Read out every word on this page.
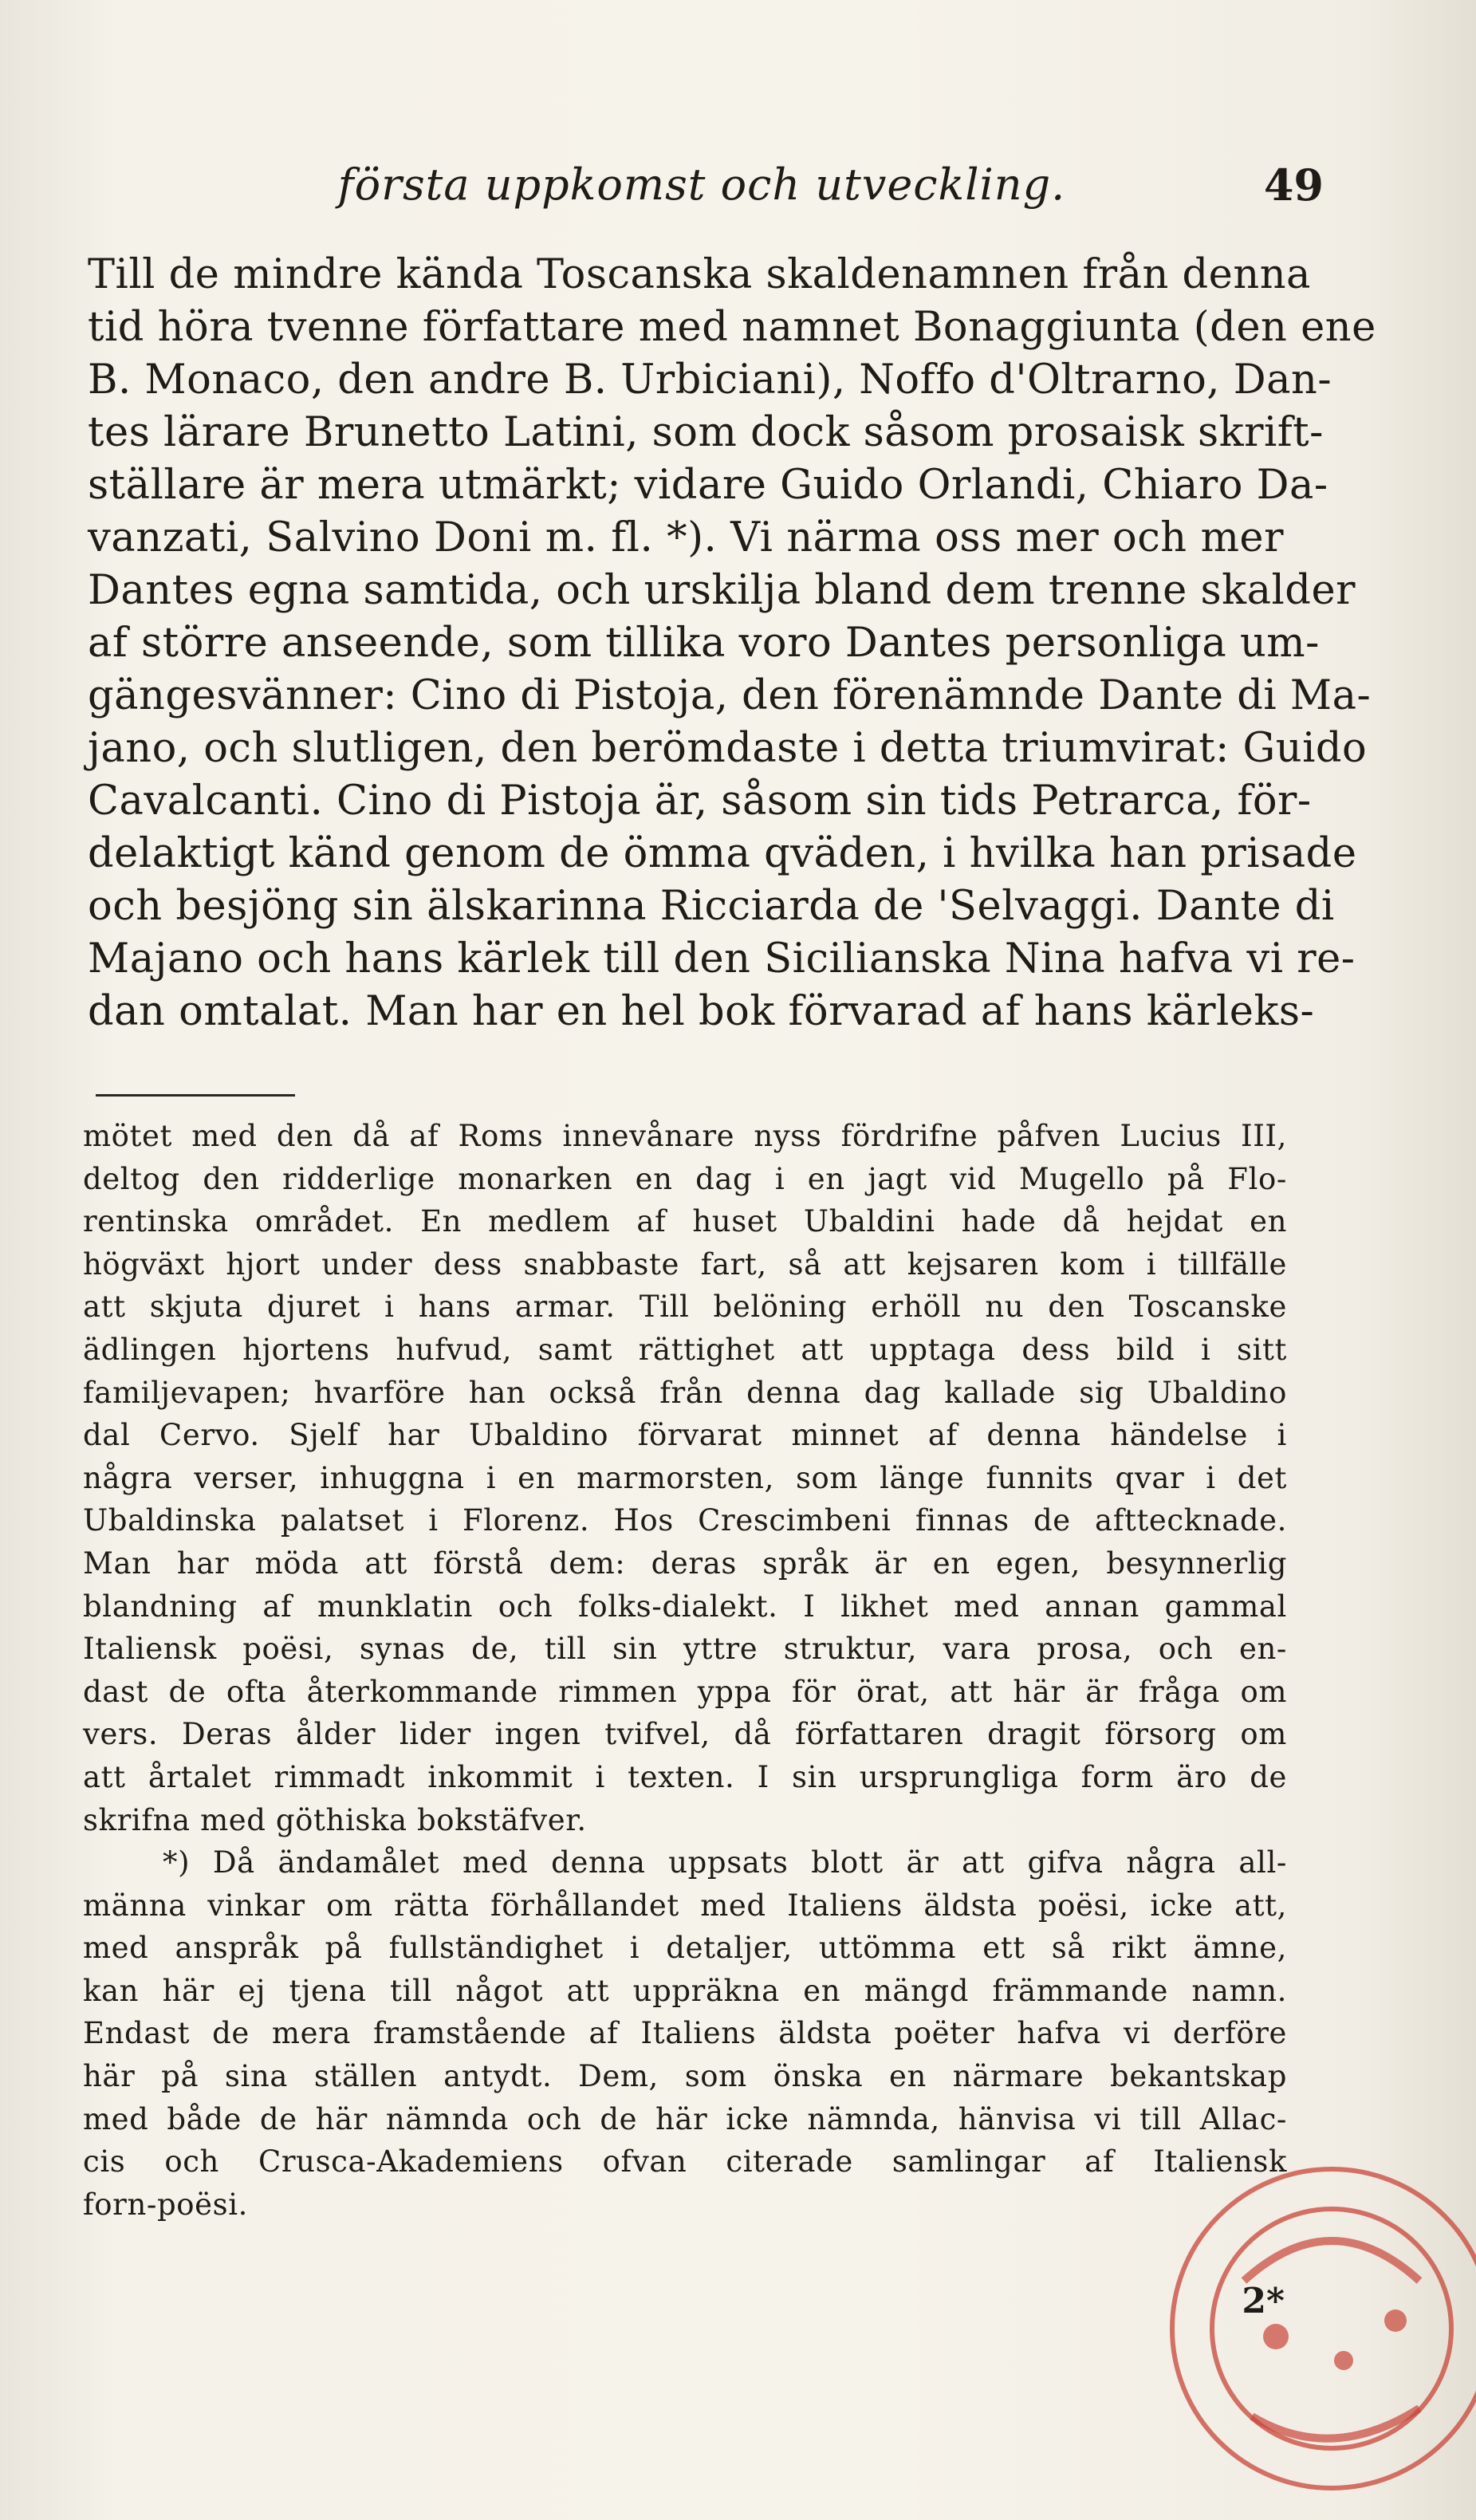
första uppkomst och utveckling.	49
Till de mindre kända Toscanska skaldenamnen från denna
tid höra tvenne författare med namnet Bonaggiunta (den ene
B. Monaco, den andre B. Urbiciani), Noffo d'Oltrarno, Dan-
tes lärare Brunetto Latini, som dock såsom prosaisk skrift-
ställare är mera utmärkt; vidare Guido Orlandi, Chiaro Da-
vanzati, Salvino Doni m. fl. *). Vi närma oss mer och mer
Dantes egna samtida, och urskilja bland dem trenne skalder
af större anseende, som tillika voro Dantes personliga um-
gängesvänner: Cino di Pistoja, den förenämnde Dante di Ma-
jano, och slutligen, den berömdaste i detta triumvirat: Guido
Cavalcanti. Cino di Pistoja är, såsom sin tids Petrarca, för-
delaktigt känd genom de ömma qväden, i hvilka han prisade
och besjöng sin älskarinna Ricciarda de 'Selvaggi. Dante di
Majano och hans kärlek till den Sicilianska Nina hafva vi re-
dan omtalat. Man har en hel bok förvarad af hans kärleks-
mötet med den då af Roms innevånare nyss fördrifne påfven Lucius III,
deltog den ridderlige monarken en dag i en jagt vid Mugello på Flo-
rentinska området. En medlem af huset Ubaldini hade då hejdat en
högväxt hjort under dess snabbaste fart, så att kejsaren kom i tillfälle
att skjuta djuret i hans armar. Till belöning erhöll nu den Toscanske
ädlingen hjortens hufvud, samt rättighet att upptaga dess bild i sitt
familjevapen; hvarföre han också från denna dag kallade sig Ubaldino
dal Cervo. Sjelf har Ubaldino förvarat minnet af denna händelse i
några verser, inhuggna i en marmorsten, som länge funnits qvar i det
Ubaldinska palatset i Florenz. Hos Crescimbeni finnas de afttecknade.
Man har möda att förstå dem: deras språk är en egen, besynnerlig
blandning af munklatin och folks-dialekt. I likhet med annan gammal
Italiensk poësi, synas de, till sin yttre struktur, vara prosa, och en-
dast de ofta återkommande rimmen yppa för örat, att här är fråga om
vers. Deras ålder lider ingen tvifvel, då författaren dragit försorg om
att årtalet rimmadt inkommit i texten. I sin ursprungliga form äro de
skrifna med göthiska bokstäfver.
*) Då ändamålet med denna uppsats blott är att gifva några all-
männa vinkar om rätta förhållandet med Italiens äldsta poësi, icke att,
med anspråk på fullständighet i detaljer, uttömma ett så rikt ämne,
kan här ej tjena till något att uppräkna en mängd främmande namn.
Endast de mera framstående af Italiens äldsta poëter hafva vi derföre
här på sina ställen antydt. Dem, som önska en närmare bekantskap
med både de här nämnda och de här icke nämnda, hänvisa vi till Allac-
cis och Crusca-Akademiens ofvan citerade samlingar af Italiensk
forn-poësi.
2*
